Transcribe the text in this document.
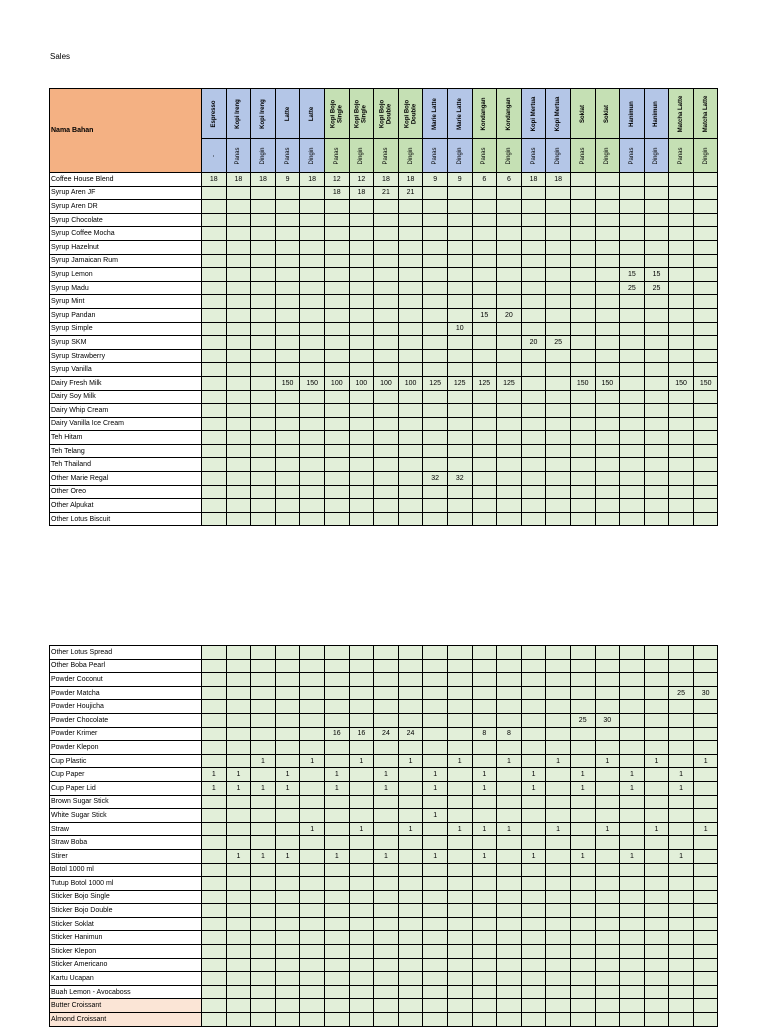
Sales
Nama Bahan	Espresso	Kopi Ireng	Kopi Ireng	Latte	Latte	Kopi Bojo Single	Kopi Bojo Single	Kopi Bojo Double	Kopi Bojo Double	Marie Latte	Marie Latte	Kondangan	Kondangan	Kopi Mertua	Kopi Mertua	Soklat	Soklat	Hanimun	Hanimun	Matcha Latte	Matcha Latte

	-	Panas	Dingin	Panas	Dingin	Panas	Dingin	Panas	Dingin	Panas	Dingin	Panas	Dingin	Panas	Dingin	Panas	Dingin	Panas	Dingin	Panas	Dingin

Coffee House Blend	18	18	18	9	18	12	12	18	18	9	9	6	6	18	18						
Syrup Aren JF						18	18	21	21												
Syrup Aren DR																					
Syrup Chocolate																					
Syrup Coffee Mocha																					
Syrup Hazelnut																					
Syrup Jamaican Rum																					
Syrup Lemon																		15	15		
Syrup Madu																		25	25		
Syrup Mint																					
Syrup Pandan												15	20								
Syrup Simple											10										
Syrup SKM														20	25						
Syrup Strawberry																					
Syrup Vanilla																					
Dairy Fresh Milk				150	150	100	100	100	100	125	125	125	125			150	150			150	150
Dairy Soy Milk																					
Dairy Whip Cream																					
Dairy Vanilla Ice Cream																					
Teh Hitam																					
Teh Telang																					
Teh Thailand																					
Other Marie Regal										32	32										
Other Oreo																					
Other Alpukat																					
Other Lotus Biscuit																					
Other Lotus Spread																					
Other Boba Pearl																					
Powder Coconut																					
Powder Matcha																				25	30
Powder Houjicha																					
Powder Chocolate																25	30				
Powder Krimer						16	16	24	24			8	8								
Powder Klepon																					
Cup Plastic			1		1		1		1		1		1		1		1		1		1
Cup Paper	1	1		1		1		1		1		1		1		1		1		1	
Cup Paper Lid	1	1	1	1		1		1		1		1		1		1		1		1	
Brown Sugar Stick																					
White Sugar Stick										1											
Straw					1		1		1		1	1	1		1		1		1		1
Straw Boba																					
Stirer		1	1	1		1		1		1		1		1		1		1		1	
Botol 1000 ml																					
Tutup Botol 1000 ml																					
Sticker Bojo Single																					
Sticker Bojo Double																					
Sticker Soklat																					
Sticker Hanimun																					
Sticker Klepon																					
Sticker Americano																					
Kartu Ucapan																					
Buah Lemon - Avocaboss																					
Butter Croissant																					
Almond Croissant																					
